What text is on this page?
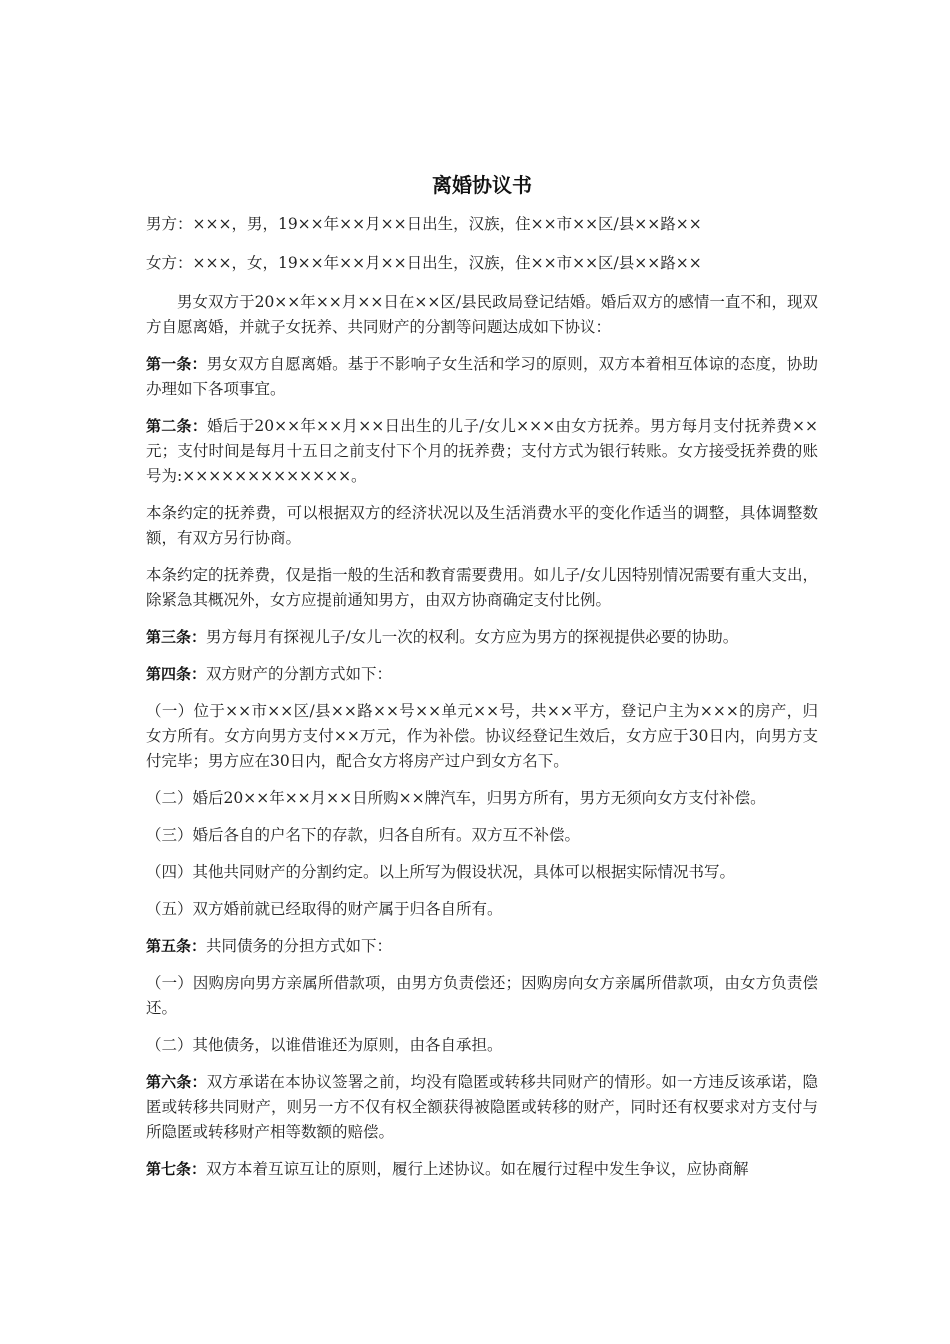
离婚协议书

男方：×××，男，19××年××月××日出生，汉族，住××市××区/县××路××

女方：×××，女，19××年××月××日出生，汉族，住××市××区/县××路××

男女双方于20××年××月××日在××区/县民政局登记结婚。婚后双方的感情一直不和，现双方自愿离婚，并就子女抚养、共同财产的分割等问题达成如下协议：

第一条：男女双方自愿离婚。基于不影响子女生活和学习的原则，双方本着相互体谅的态度，协助办理如下各项事宜。

第二条：婚后于20××年××月××日出生的儿子/女儿×××由女方抚养。男方每月支付抚养费××元；支付时间是每月十五日之前支付下个月的抚养费；支付方式为银行转账。女方接受抚养费的账号为:×××××××××××××。

本条约定的抚养费，可以根据双方的经济状况以及生活消费水平的变化作适当的调整，具体调整数额，有双方另行协商。

本条约定的抚养费，仅是指一般的生活和教育需要费用。如儿子/女儿因特别情况需要有重大支出，除紧急其概况外，女方应提前通知男方，由双方协商确定支付比例。

第三条：男方每月有探视儿子/女儿一次的权利。女方应为男方的探视提供必要的协助。

第四条：双方财产的分割方式如下：

（一）位于××市××区/县××路××号××单元××号，共××平方，登记户主为×××的房产，归女方所有。女方向男方支付××万元，作为补偿。协议经登记生效后，女方应于30日内，向男方支付完毕；男方应在30日内，配合女方将房产过户到女方名下。

（二）婚后20××年××月××日所购××牌汽车，归男方所有，男方无须向女方支付补偿。

（三）婚后各自的户名下的存款，归各自所有。双方互不补偿。

（四）其他共同财产的分割约定。以上所写为假设状况，具体可以根据实际情况书写。

（五）双方婚前就已经取得的财产属于归各自所有。

第五条：共同债务的分担方式如下：

（一）因购房向男方亲属所借款项，由男方负责偿还；因购房向女方亲属所借款项，由女方负责偿还。

（二）其他债务，以谁借谁还为原则，由各自承担。

第六条：双方承诺在本协议签署之前，均没有隐匿或转移共同财产的情形。如一方违反该承诺，隐匿或转移共同财产，则另一方不仅有权全额获得被隐匿或转移的财产，同时还有权要求对方支付与所隐匿或转移财产相等数额的赔偿。

第七条：双方本着互谅互让的原则，履行上述协议。如在履行过程中发生争议，应协商解
